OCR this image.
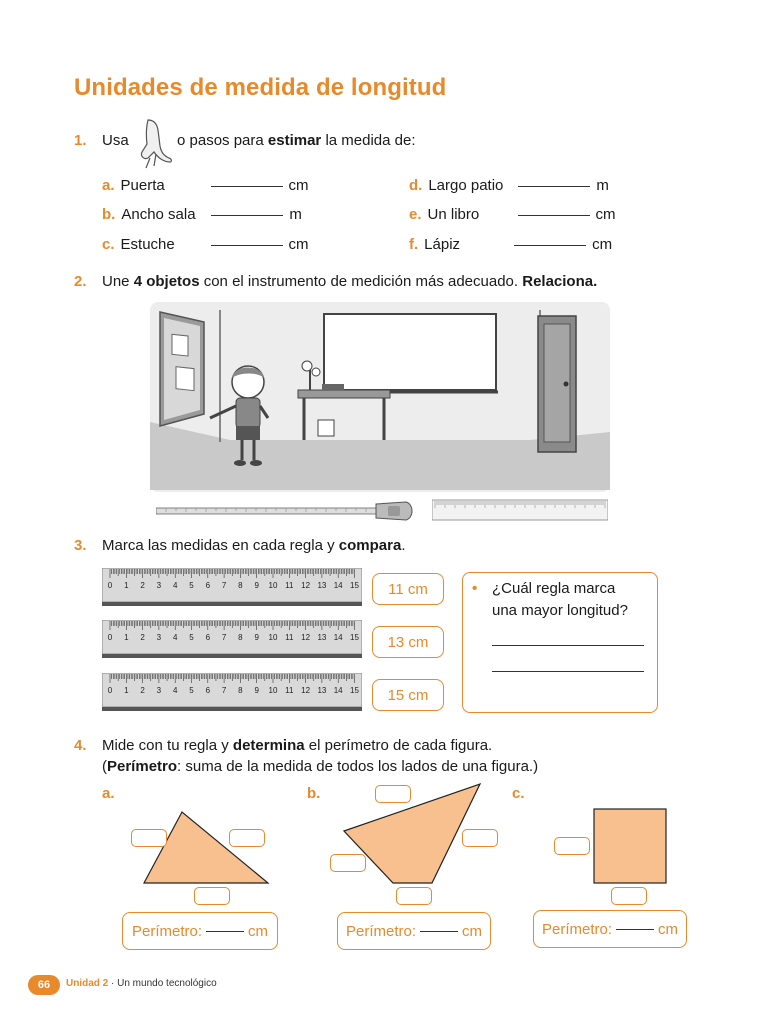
Unidades de medida de longitud
1. Usa	o pasos para estimar la medida de:
a. Puerta	cm
b. Ancho sala	m
c. Estuche	cm
d. Largo patio	m
e. Un libro	cm
f. Lápiz	cm
2. Une 4 objetos con el instrumento de medición más adecuado. Relaciona.
3. Marca las medidas en cada regla y compara.
0 1 2 3 4 5 6 7 8 9 10 11 12 13 14 15
0 1 2 3 4 5 6 7 8 9 10 11 12 13 14 15
0 1 2 3 4 5 6 7 8 9 10 11 12 13 14 15
11 cm
13 cm
15 cm
• ¿Cuál regla marca
una mayor longitud?
4. Mide con tu regla y determina el perímetro de cada figura.
(Perímetro: suma de la medida de todos los lados de una figura.)
a.	b.	c.
Perímetro:	cm	Perímetro:	cm	Perímetro:	cm
66	Unidad 2 · Un mundo tecnológico
